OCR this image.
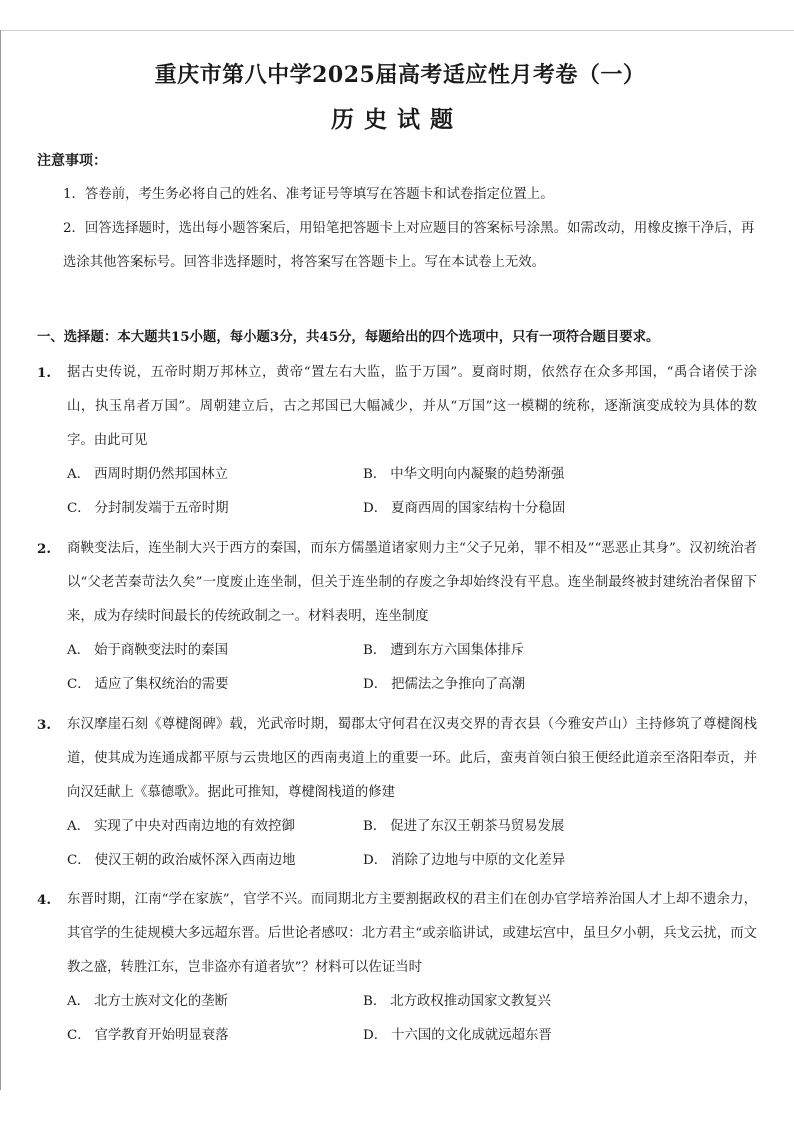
重庆市第八中学2025届高考适应性月考卷（一）
历史试题
注意事项：
1．答卷前，考生务必将自己的姓名、准考证号等填写在答题卡和试卷指定位置上。
2．回答选择题时，选出每小题答案后，用铅笔把答题卡上对应题目的答案标号涂黑。如需改动，用橡皮擦干净后，再选涂其他答案标号。回答非选择题时，将答案写在答题卡上。写在本试卷上无效。
一、选择题：本大题共15小题，每小题3分，共45分，每题给出的四个选项中，只有一项符合题目要求。
1. 据古史传说，五帝时期万邦林立，黄帝“置左右大监，监于万国”。夏商时期，依然存在众多邦国，“禹合诸侯于涂山，执玉帛者万国”。周朝建立后，古之邦国已大幅减少，并从“万国”这一模糊的统称，逐渐演变成较为具体的数字。由此可见
A． 西周时期仍然邦国林立	B． 中华文明向内凝聚的趋势渐强
C． 分封制发端于五帝时期	D． 夏商西周的国家结构十分稳固
2. 商鞅变法后，连坐制大兴于西方的秦国，而东方儒墨道诸家则力主“父子兄弟，罪不相及”“恶恶止其身”。汉初统治者以“父老苦秦苛法久矣”一度废止连坐制，但关于连坐制的存废之争却始终没有平息。连坐制最终被封建统治者保留下来，成为存续时间最长的传统政制之一。材料表明，连坐制度
A． 始于商鞅变法时的秦国	B． 遭到东方六国集体排斥
C． 适应了集权统治的需要	D． 把儒法之争推向了高潮
3. 东汉摩崖石刻《尊楗阁碑》载，光武帝时期，蜀郡太守何君在汉夷交界的青衣县（今雅安芦山）主持修筑了尊楗阁栈道，使其成为连通成都平原与云贵地区的西南夷道上的重要一环。此后，蛮夷首领白狼王便经此道亲至洛阳奉贡，并向汉廷献上《慕德歌》。据此可推知，尊楗阁栈道的修建
A． 实现了中央对西南边地的有效控御	B． 促进了东汉王朝茶马贸易发展
C． 使汉王朝的政治威怀深入西南边地	D． 消除了边地与中原的文化差异
4. 东晋时期，江南“学在家族”，官学不兴。而同期北方主要割据政权的君主们在创办官学培养治国人才上却不遗余力，其官学的生徒规模大多远超东晋。后世论者感叹：北方君主“或亲临讲试，或建坛宫中，虽旦夕小朝，兵戈云扰，而文教之盛，转胜江东，岂非盗亦有道者欤”？材料可以佐证当时
A． 北方士族对文化的垄断	B． 北方政权推动国家文教复兴
C． 官学教育开始明显衰落	D． 十六国的文化成就远超东晋
